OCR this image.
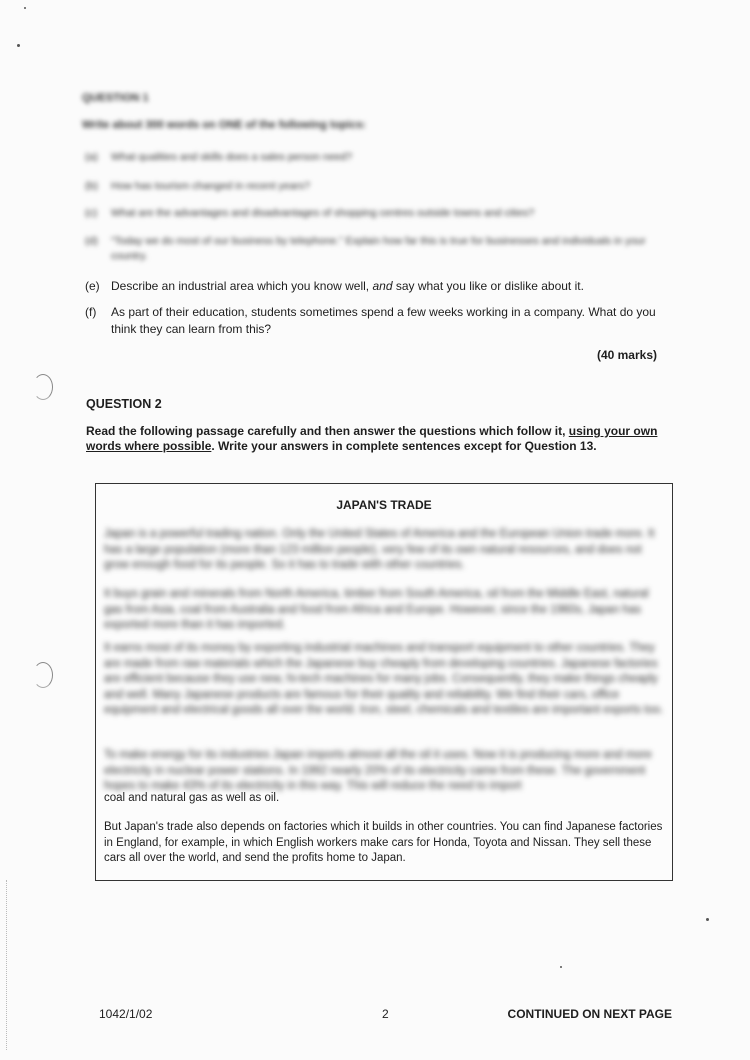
QUESTION 1
Write about 300 words on ONE of the following topics:
(a)	What qualities and skills does a sales person need?
(b)	How has tourism changed in recent years?
(c)	What are the advantages and disadvantages of shopping centres outside towns and cities?
(d)	“Today we do most of our business by telephone.” Explain how far this is true for businesses and individuals in your country.
(e) Describe an industrial area which you know well, and say what you like or dislike about it.
(f)	As part of their education, students sometimes spend a few weeks working in a company. What do you think they can learn from this?
(40 marks)
QUESTION 2
Read the following passage carefully and then answer the questions which follow it, using your own words where possible. Write your answers in complete sentences except for Question 13.
JAPAN'S TRADE
Japan is a powerful trading nation. Only the United States of America and the European Union trade more. It has a large population (more than 123 million people), very few of its own natural resources, and does not grow enough food for its people. So it has to trade with other countries.
It buys grain and minerals from North America, timber from South America, oil from the Middle East, natural gas from Asia, coal from Australia and food from Africa and Europe. However, since the 1960s, Japan has exported more than it has imported.
It earns most of its money by exporting industrial machines and transport equipment to other countries. They are made from raw materials which the Japanese buy cheaply from developing countries. Japanese factories are efficient because they use new, hi-tech machines for many jobs. Consequently, they make things cheaply and well. Many Japanese products are famous for their quality and reliability. We find their cars, office equipment and electrical goods all over the world. Iron, steel, chemicals and textiles are important exports too.
To make energy for its industries Japan imports almost all the oil it uses. Now it is producing more and more electricity in nuclear power stations. In 1992 nearly 20% of its electricity came from these. The government hopes to make 43% of its electricity in this way. This will reduce the need to import
coal and natural gas as well as oil.
But Japan's trade also depends on factories which it builds in other countries. You can find Japanese factories in England, for example, in which English workers make cars for Honda, Toyota and Nissan. They sell these cars all over the world, and send the profits home to Japan.
1042/1/02	2	CONTINUED ON NEXT PAGE
